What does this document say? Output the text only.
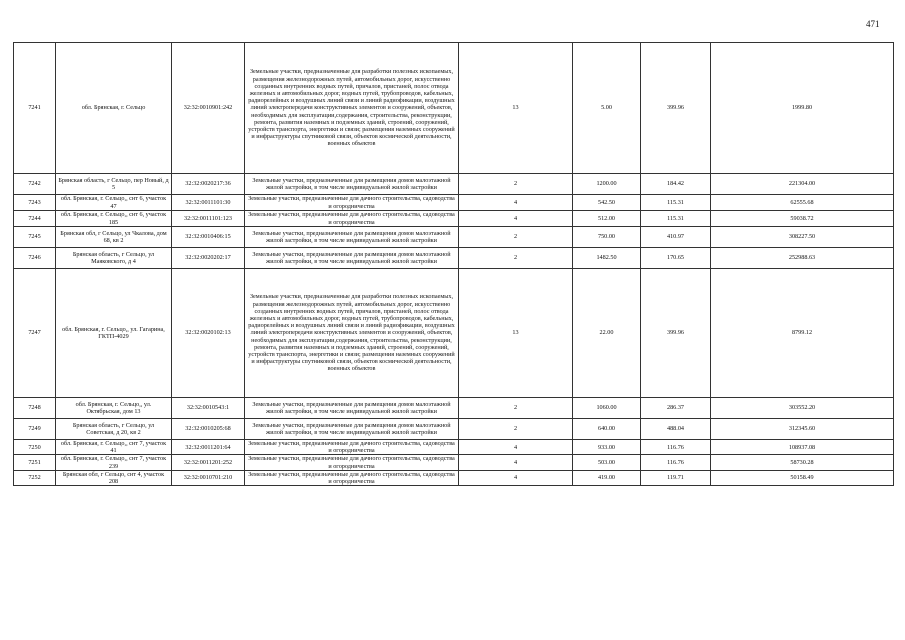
471
7241	обл. Брянская, г. Сельцо	32:32:0010901:242	Земельные участки, предназначенные для разработки полезных ископаемых, размещения железнодорожных путей, автомобильных дорог, искусственно созданных внутренних водных путей, причалов, пристаней, полос отвода железных и автомобильных дорог, водных путей, трубопроводов, кабельных, радиорелейных и воздушных линий связи и линий радиофикации, воздушных линий электропередачи конструктивных элементов и сооружений, объектов, необходимых для эксплуатации,содержания, строительства, реконструкции, ремонта, развития наземных и подземных зданий, строений, сооружений, устройств транспорта, энергетики и связи; размещения наземных сооружений и инфраструктуры спутниковой связи, объектов космической деятельности, военных объектов	13	5.00	399.96	1999.80
7242	Брянская область, г Сельцо, пер Новый, д 5	32:32:0020217:36	Земельные участки, предназначенные для размещения домов малоэтажной жилой застройки, в том числе индивидуальной жилой застройки	2	1200.00	184.42	221304.00
7243	обл. Брянская, г. Сельцо,, снт 6, участок 47	32:32:0011101:30	Земельные участки, предназначенные для дачного строительства, садоводства и огородничества	4	542.50	115.31	62555.68
7244	обл. Брянская, г. Сельцо,, снт 6, участок 185	32:32:0011101:123	Земельные участки, предназначенные для дачного строительства, садоводства и огородничества	4	512.00	115.31	59038.72
7245	Брянская обл, г Сельцо, ул Чкалова, дом 68, кв 2	32:32:0010406:15	Земельные участки, предназначенные для размещения домов малоэтажной жилой застройки, в том числе индивидуальной жилой застройки	2	750.00	410.97	308227.50
7246	Брянская область, г Сельцо, ул Маяковского, д 4	32:32:0020202:17	Земельные участки, предназначенные для размещения домов малоэтажной жилой застройки, в том числе индивидуальной жилой застройки	2	1482.50	170.65	252988.63
7247	обл. Брянская, г. Сельцо,, ул. Гагарина, ГКТП-4029	32:32:0020102:13	Земельные участки, предназначенные для разработки полезных ископаемых, размещения железнодорожных путей, автомобильных дорог, искусственно созданных внутренних водных путей, причалов, пристаней, полос отвода железных и автомобильных дорог, водных путей, трубопроводов, кабельных, радиорелейных и воздушных линий связи и линий радиофикации, воздушных линий электропередачи конструктивных элементов и сооружений, объектов, необходимых для эксплуатации,содержания, строительства, реконструкции, ремонта, развития наземных и подземных зданий, строений, сооружений, устройств транспорта, энергетики и связи; размещения наземных сооружений и инфраструктуры спутниковой связи, объектов космической деятельности, военных объектов	13	22.00	399.96	8799.12
7248	обл. Брянская, г. Сельцо,, ул. Октябрьская, дом 13	32:32:0010543:1	Земельные участки, предназначенные для размещения домов малоэтажной жилой застройки, в том числе индивидуальной жилой застройки	2	1060.00	286.37	303552.20
7249	Брянская область, г Сельцо, ул Советская, д 20, кв 2	32:32:0010205:68	Земельные участки, предназначенные для размещения домов малоэтажной жилой застройки, в том числе индивидуальной жилой застройки	2	640.00	488.04	312345.60
7250	обл. Брянская, г. Сельцо,, снт 7, участок 41	32:32:0011201:64	Земельные участки, предназначенные для дачного строительства, садоводства и огородничества	4	933.00	116.76	108937.08
7251	обл. Брянская, г. Сельцо,, снт 7, участок 239	32:32:0011201:252	Земельные участки, предназначенные для дачного строительства, садоводства и огородничества	4	503.00	116.76	58730.28
7252	Брянская обл, г Сельцо, снт 4, участок 208	32:32:0010701:210	Земельные участки, предназначенные для дачного строительства, садоводства и огородничества	4	419.00	119.71	50158.49
